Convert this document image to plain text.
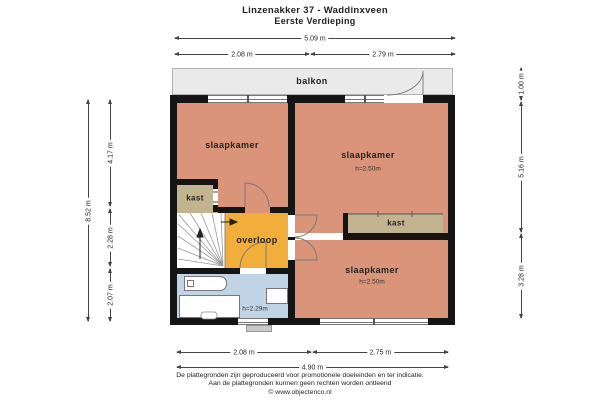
Linzenakker 37 - Waddinxveen
Eerste Verdieping
5.09 m
2.08 m	2.79 m
2.08 m	2.75 m
4.90 m
8.52 m
4.17 m
2.28 m
2.07 m
1.00 m
5.16 m
3.28 m
balkon
slaapkamer
slaapkamer
h=2.50m
slaapkamer
h=2.50m
kast
kast
overloop
h=2.29m
De plattegronden zijn geproduceerd voor promotionele doeleinden en ter indicatie.
Aan de plattegronden kunnen geen rechten worden ontleend
© www.objectenco.nl
